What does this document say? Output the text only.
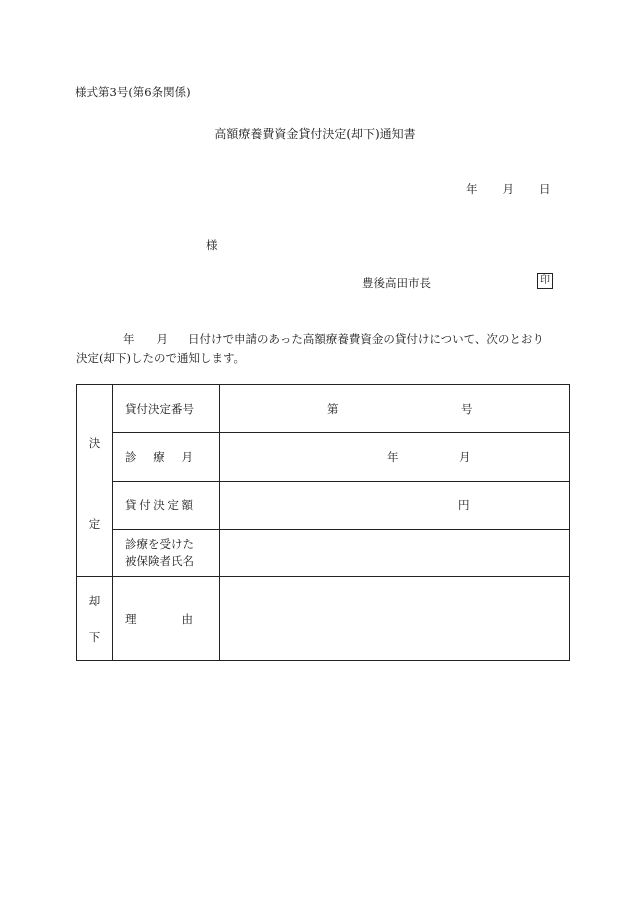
様式第3号(第6条関係)
高額療養費資金貸付決定(却下)通知書
年 月 日
様
豊後高田市長	印
年 月 日付けで申請のあった高額療養費資金の貸付けについて、次のとおり決定(却下)したので通知します。
決
定	貸付決定番号	第 号

	診 療 月	年 月

	貸 付 決 定 額	円

	診療を受けた
被保険者氏名	

却
下	理 由	
